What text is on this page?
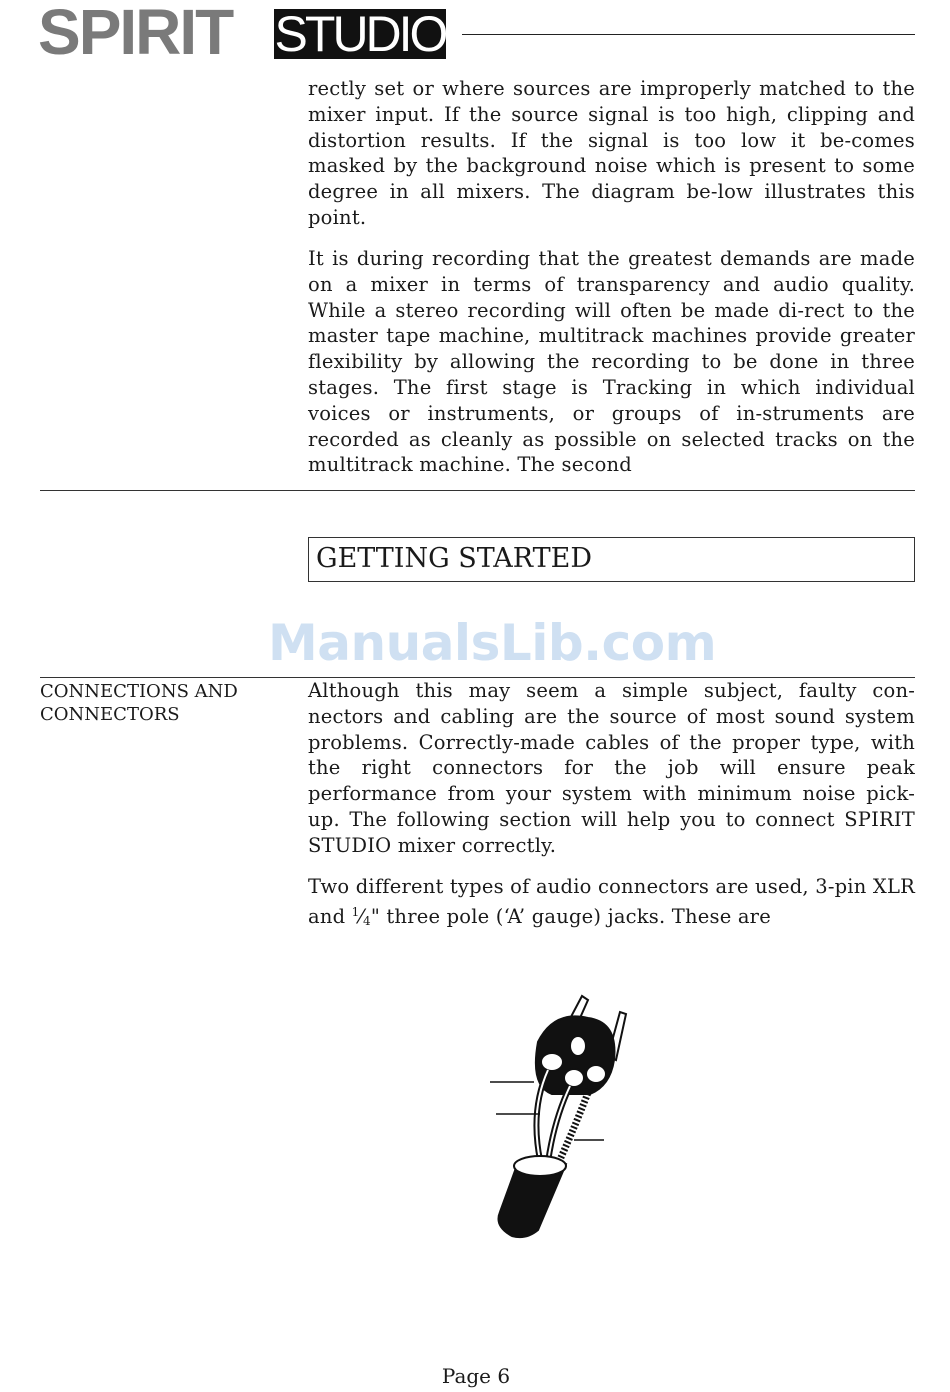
SPIRIT STUDIO

rectly set or where sources are improperly matched to the mixer input. If the source signal is too high, clipping and distortion results. If the signal is too low it be-comes masked by the background noise which is present to some degree in all mixers. The diagram be-low illustrates this point.

It is during recording that the greatest demands are made on a mixer in terms of transparency and audio quality. While a stereo recording will often be made di-rect to the master tape machine, multitrack machines provide greater flexibility by allowing the recording to be done in three stages. The first stage is Tracking in which individual voices or instruments, or groups of in-struments are recorded as cleanly as possible on selected tracks on the multitrack machine. The second

GETTING STARTED
ManualsLib.com
CONNECTIONS AND
CONNECTORS

Although this may seem a simple subject, faulty con-nectors and cabling are the source of most sound system problems. Correctly-made cables of the proper type, with the right connectors for the job will ensure peak performance from your system with minimum noise pick-up. The following section will help you to connect SPIRIT STUDIO mixer correctly.

Two different types of audio connectors are used, 3-pin XLR and $^1⁄_4$" three pole (‘A’ gauge) jacks. These are

Page 6
